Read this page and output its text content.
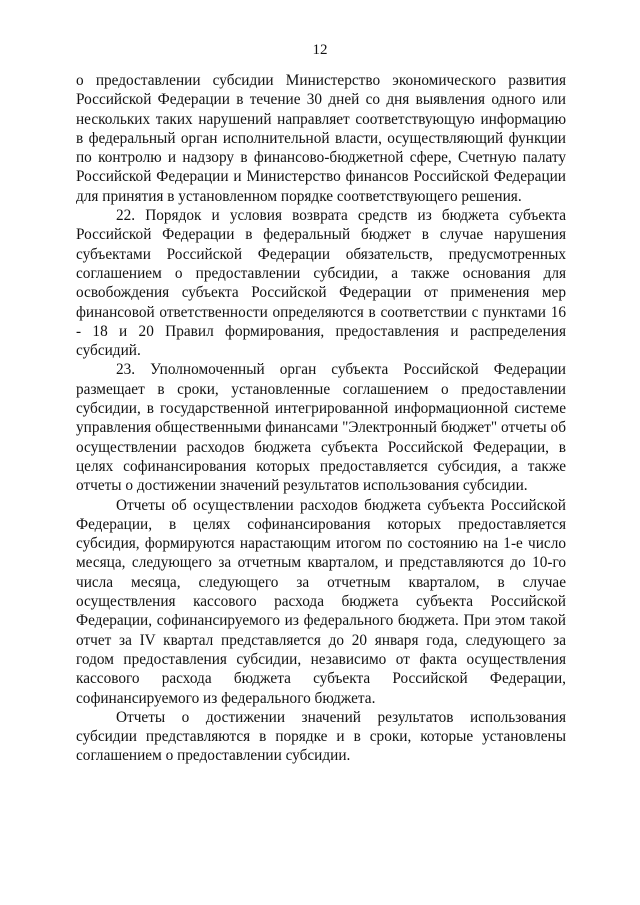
12

о предоставлении субсидии Министерство экономического развития Российской Федерации в течение 30 дней со дня выявления одного или нескольких таких нарушений направляет соответствующую информацию в федеральный орган исполнительной власти, осуществляющий функции по контролю и надзору в финансово-бюджетной сфере, Счетную палату Российской Федерации и Министерство финансов Российской Федерации для принятия в установленном порядке соответствующего решения.

22. Порядок и условия возврата средств из бюджета субъекта Российской Федерации в федеральный бюджет в случае нарушения субъектами Российской Федерации обязательств, предусмотренных соглашением о предоставлении субсидии, а также основания для освобождения субъекта Российской Федерации от применения мер финансовой ответственности определяются в соответствии с пунктами 16 - 18 и 20 Правил формирования, предоставления и распределения субсидий.

23. Уполномоченный орган субъекта Российской Федерации размещает в сроки, установленные соглашением о предоставлении субсидии, в государственной интегрированной информационной системе управления общественными финансами "Электронный бюджет" отчеты об осуществлении расходов бюджета субъекта Российской Федерации, в целях софинансирования которых предоставляется субсидия, а также отчеты о достижении значений результатов использования субсидии.

Отчеты об осуществлении расходов бюджета субъекта Российской Федерации, в целях софинансирования которых предоставляется субсидия, формируются нарастающим итогом по состоянию на 1-е число месяца, следующего за отчетным кварталом, и представляются до 10-го числа месяца, следующего за отчетным кварталом, в случае осуществления кассового расхода бюджета субъекта Российской Федерации, софинансируемого из федерального бюджета. При этом такой отчет за IV квартал представляется до 20 января года, следующего за годом предоставления субсидии, независимо от факта осуществления кассового расхода бюджета субъекта Российской Федерации, софинансируемого из федерального бюджета.

Отчеты о достижении значений результатов использования субсидии представляются в порядке и в сроки, которые установлены соглашением о предоставлении субсидии.
